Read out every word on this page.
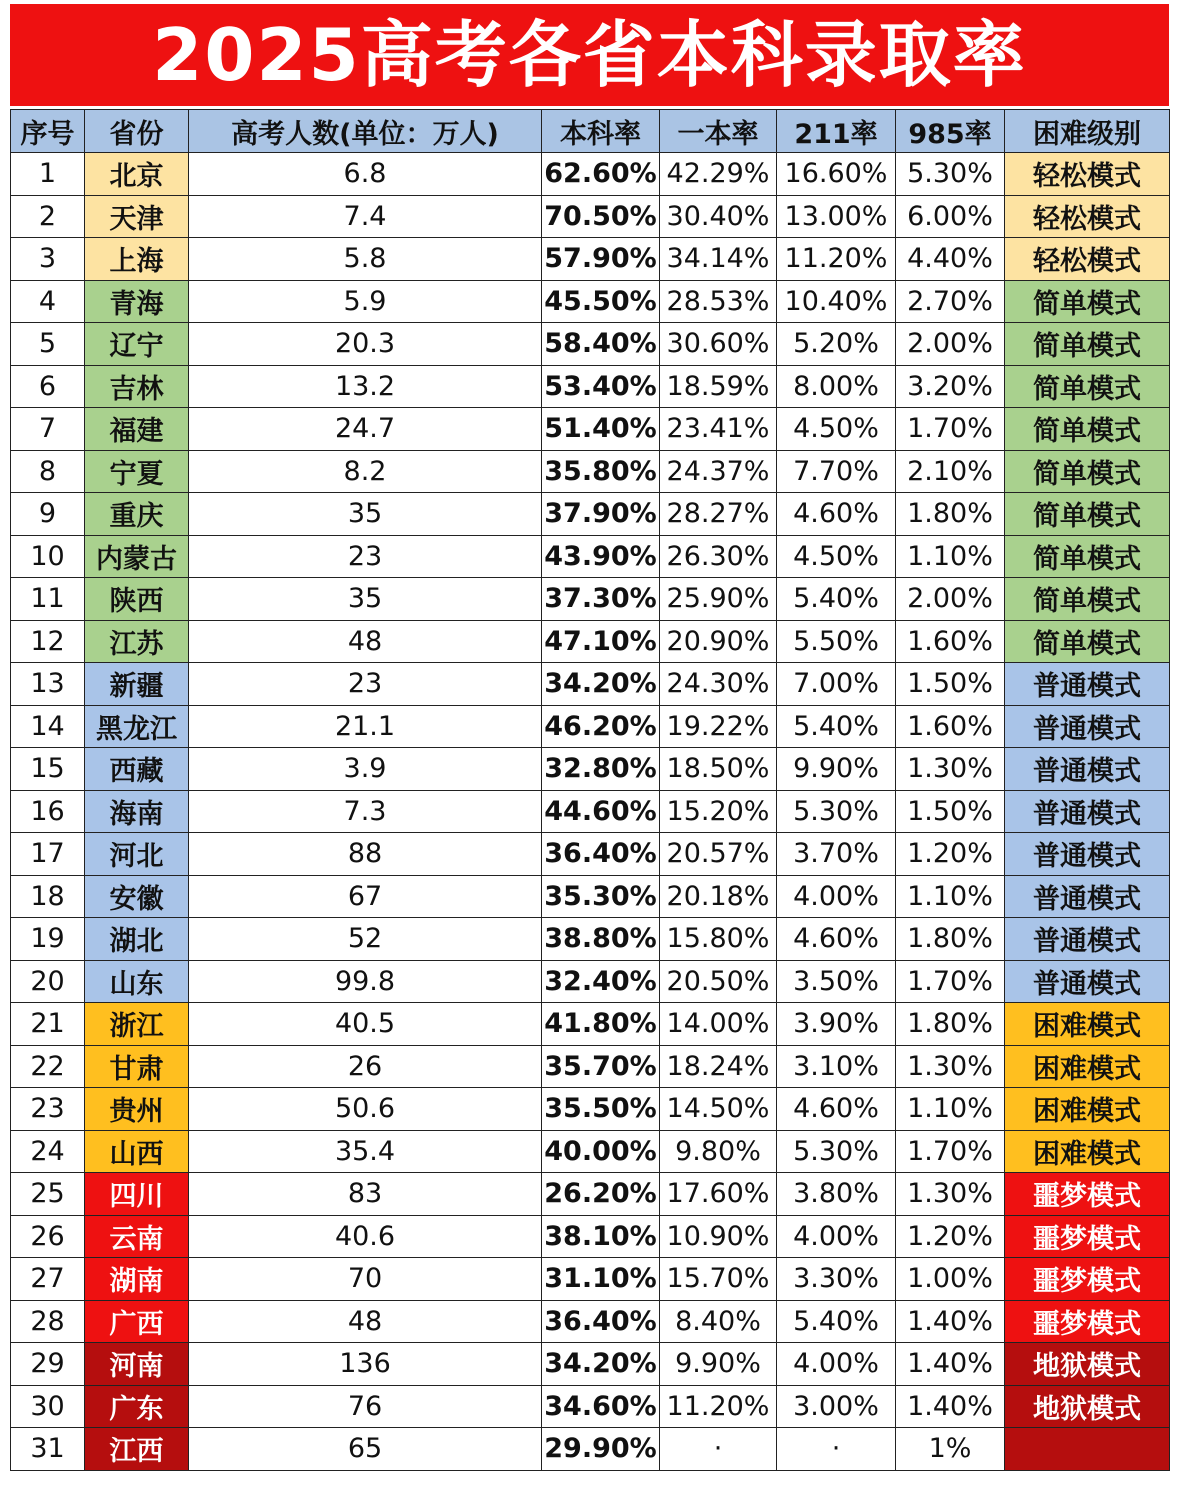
2025高考各省本科录取率
序号	省份	高考人数(单位：万人)	本科率	一本率	211率	985率	困难级别
1	北京	6.8	62.60%	42.29%	16.60%	5.30%	轻松模式
2	天津	7.4	70.50%	30.40%	13.00%	6.00%	轻松模式
3	上海	5.8	57.90%	34.14%	11.20%	4.40%	轻松模式
4	青海	5.9	45.50%	28.53%	10.40%	2.70%	简单模式
5	辽宁	20.3	58.40%	30.60%	5.20%	2.00%	简单模式
6	吉林	13.2	53.40%	18.59%	8.00%	3.20%	简单模式
7	福建	24.7	51.40%	23.41%	4.50%	1.70%	简单模式
8	宁夏	8.2	35.80%	24.37%	7.70%	2.10%	简单模式
9	重庆	35	37.90%	28.27%	4.60%	1.80%	简单模式
10	内蒙古	23	43.90%	26.30%	4.50%	1.10%	简单模式
11	陕西	35	37.30%	25.90%	5.40%	2.00%	简单模式
12	江苏	48	47.10%	20.90%	5.50%	1.60%	简单模式
13	新疆	23	34.20%	24.30%	7.00%	1.50%	普通模式
14	黑龙江	21.1	46.20%	19.22%	5.40%	1.60%	普通模式
15	西藏	3.9	32.80%	18.50%	9.90%	1.30%	普通模式
16	海南	7.3	44.60%	15.20%	5.30%	1.50%	普通模式
17	河北	88	36.40%	20.57%	3.70%	1.20%	普通模式
18	安徽	67	35.30%	20.18%	4.00%	1.10%	普通模式
19	湖北	52	38.80%	15.80%	4.60%	1.80%	普通模式
20	山东	99.8	32.40%	20.50%	3.50%	1.70%	普通模式
21	浙江	40.5	41.80%	14.00%	3.90%	1.80%	困难模式
22	甘肃	26	35.70%	18.24%	3.10%	1.30%	困难模式
23	贵州	50.6	35.50%	14.50%	4.60%	1.10%	困难模式
24	山西	35.4	40.00%	9.80%	5.30%	1.70%	困难模式
25	四川	83	26.20%	17.60%	3.80%	1.30%	噩梦模式
26	云南	40.6	38.10%	10.90%	4.00%	1.20%	噩梦模式
27	湖南	70	31.10%	15.70%	3.30%	1.00%	噩梦模式
28	广西	48	36.40%	8.40%	5.40%	1.40%	噩梦模式
29	河南	136	34.20%	9.90%	4.00%	1.40%	地狱模式
30	广东	76	34.60%	11.20%	3.00%	1.40%	地狱模式
31	江西	65	29.90%	·	·	1%	
